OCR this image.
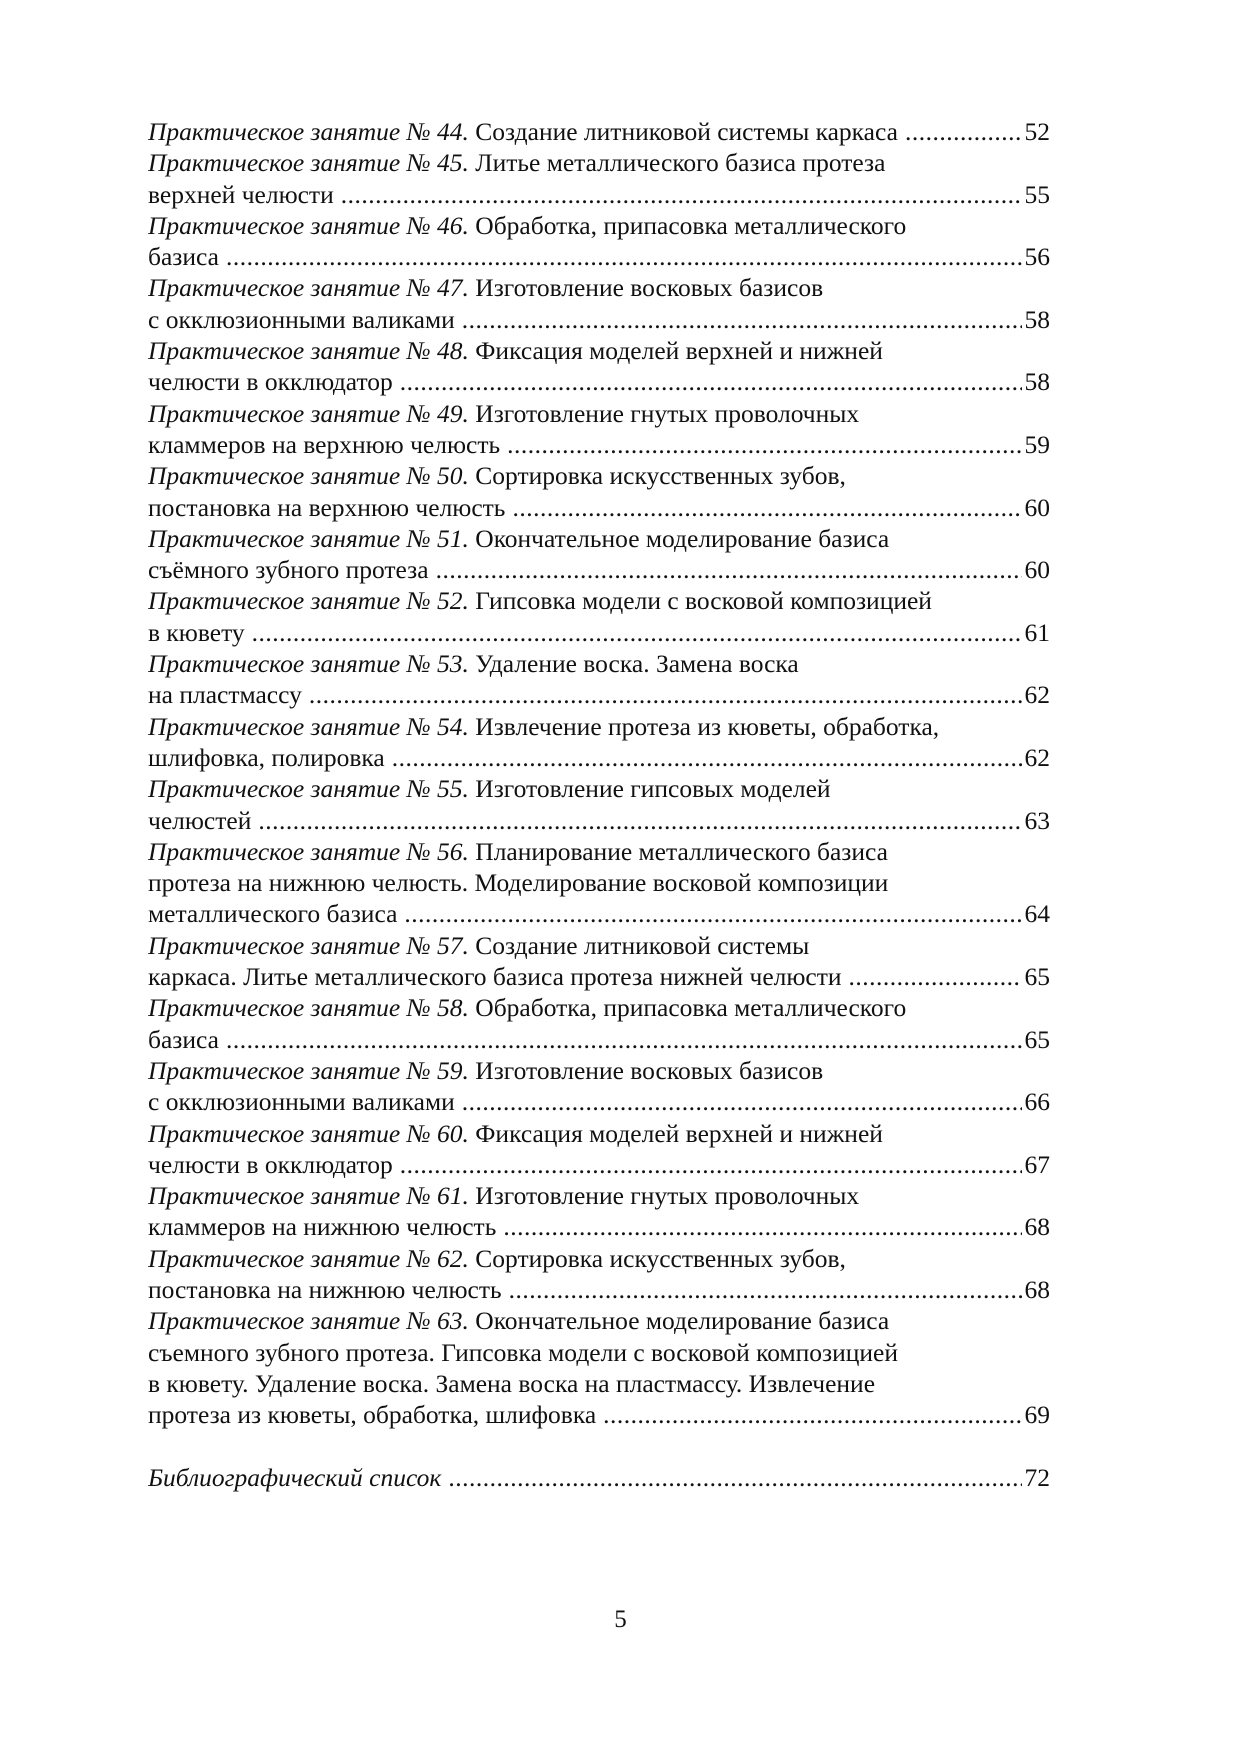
Практическое занятие № 44. Создание литниковой системы каркаса .....	52
Практическое занятие № 45. Литье металлического базиса протеза
верхней челюсти .....	55
Практическое занятие № 46. Обработка, припасовка металлического
базиса .....	56
Практическое занятие № 47. Изготовление восковых базисов
с окклюзионными валиками .....	58
Практическое занятие № 48. Фиксация моделей верхней и нижней
челюсти в окклюдатор .....	58
Практическое занятие № 49. Изготовление гнутых проволочных
кламмеров на верхнюю челюсть .....	59
Практическое занятие № 50. Сортировка искусственных зубов,
постановка на верхнюю челюсть .....	60
Практическое занятие № 51. Окончательное моделирование базиса
съёмного зубного протеза .....	60
Практическое занятие № 52. Гипсовка модели с восковой композицией
в кювету .....	61
Практическое занятие № 53. Удаление воска. Замена воска
на пластмассу .....	62
Практическое занятие № 54. Извлечение протеза из кюветы, обработка,
шлифовка, полировка .....	62
Практическое занятие № 55. Изготовление гипсовых моделей
челюстей .....	63
Практическое занятие № 56. Планирование металлического базиса
протеза на нижнюю челюсть. Моделирование восковой композиции
металлического базиса .....	64
Практическое занятие № 57. Создание литниковой системы
каркаса. Литье металлического базиса протеза нижней челюсти .....	65
Практическое занятие № 58. Обработка, припасовка металлического
базиса .....	65
Практическое занятие № 59. Изготовление восковых базисов
с окклюзионными валиками .....	66
Практическое занятие № 60. Фиксация моделей верхней и нижней
челюсти в окклюдатор .....	67
Практическое занятие № 61. Изготовление гнутых проволочных
кламмеров на нижнюю челюсть .....	68
Практическое занятие № 62. Сортировка искусственных зубов,
постановка на нижнюю челюсть .....	68
Практическое занятие № 63. Окончательное моделирование базиса
съемного зубного протеза. Гипсовка модели с восковой композицией
в кювету. Удаление воска. Замена воска на пластмассу. Извлечение
протеза из кюветы, обработка, шлифовка .....	69
Библиографический список .....	72
5
